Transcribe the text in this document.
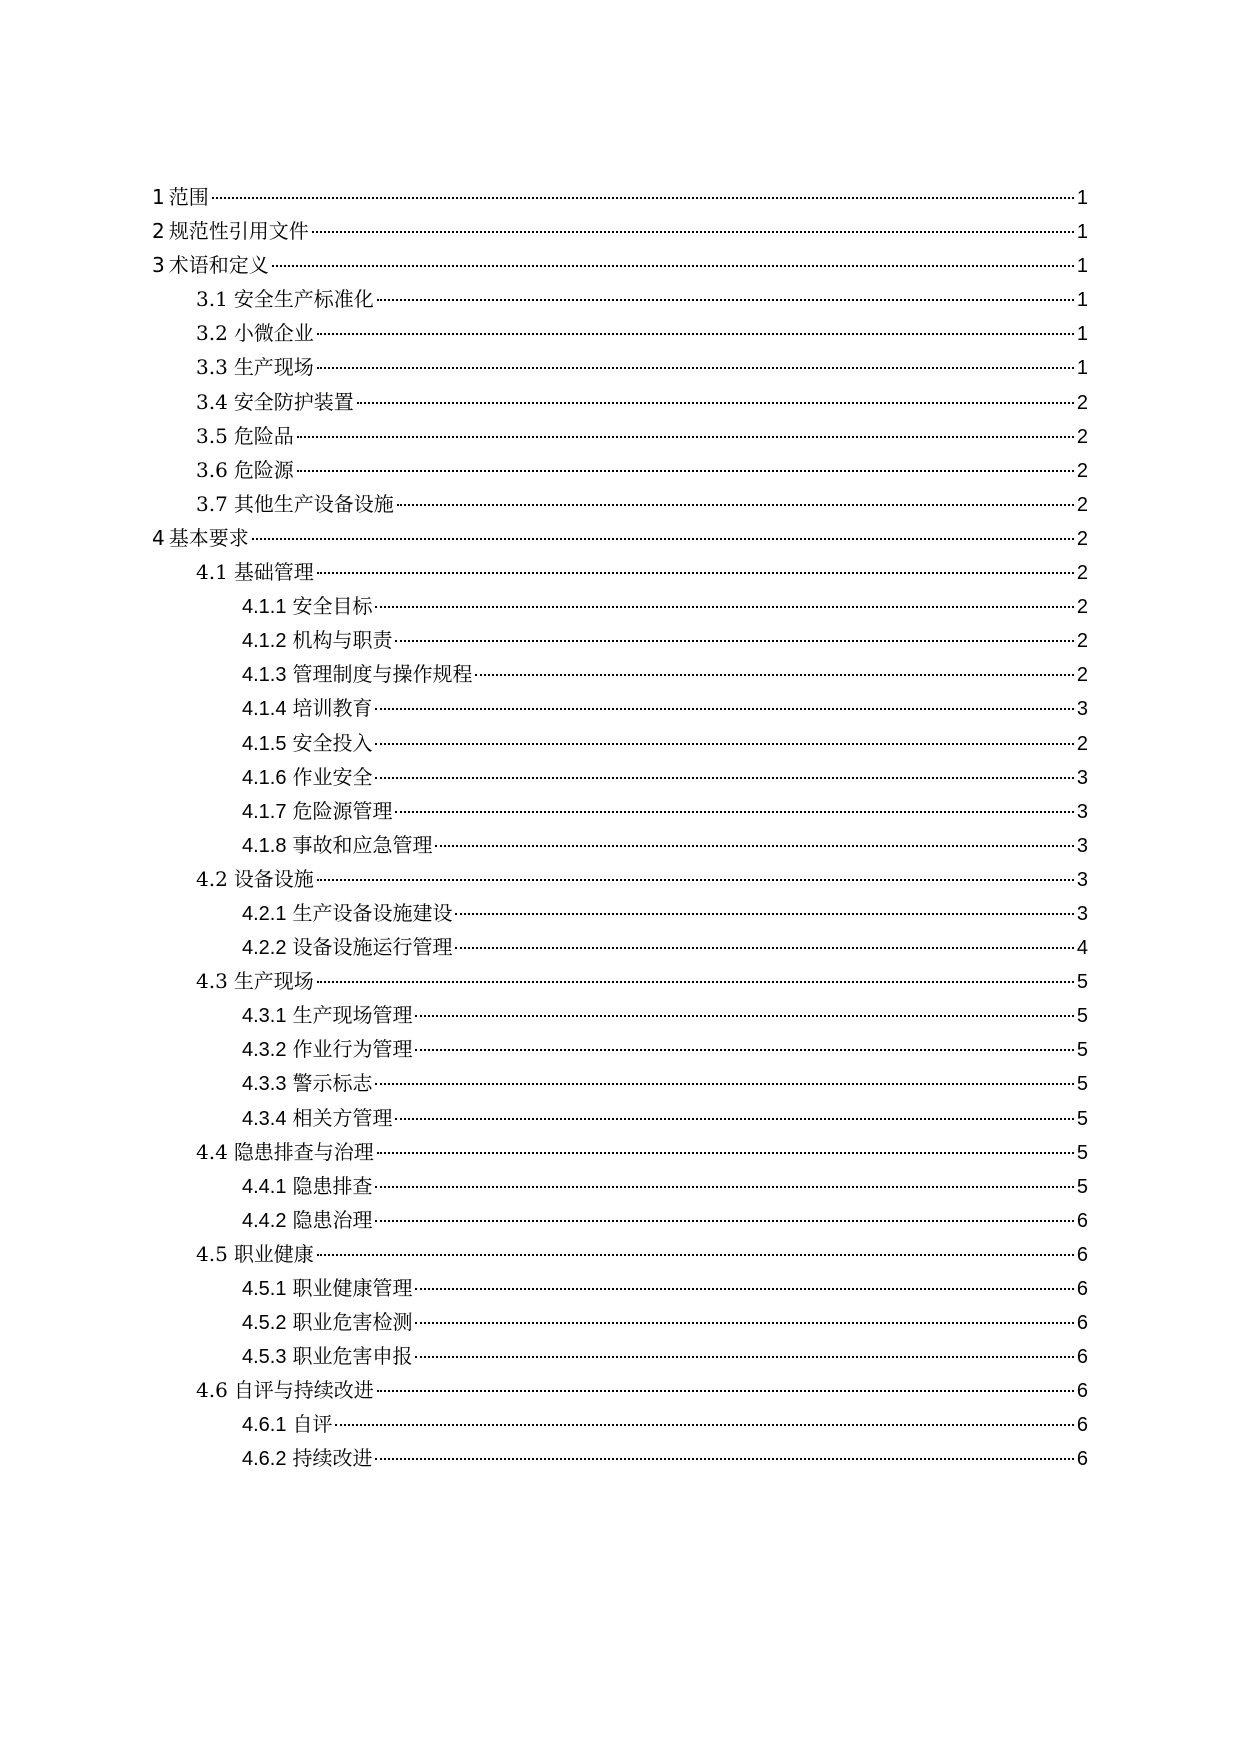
1 范围	1
2 规范性引用文件	1
3 术语和定义	1
3.1 安全生产标准化	1
3.2 小微企业	1
3.3 生产现场	1
3.4 安全防护装置	2
3.5 危险品	2
3.6 危险源	2
3.7 其他生产设备设施	2
4 基本要求	2
4.1 基础管理	2
4.1.1 安全目标	2
4.1.2 机构与职责	2
4.1.3 管理制度与操作规程	2
4.1.4 培训教育	3
4.1.5 安全投入	2
4.1.6 作业安全	3
4.1.7 危险源管理	3
4.1.8 事故和应急管理	3
4.2 设备设施	3
4.2.1 生产设备设施建设	3
4.2.2 设备设施运行管理	4
4.3 生产现场	5
4.3.1 生产现场管理	5
4.3.2 作业行为管理	5
4.3.3 警示标志	5
4.3.4 相关方管理	5
4.4 隐患排查与治理	5
4.4.1 隐患排查	5
4.4.2 隐患治理	6
4.5 职业健康	6
4.5.1 职业健康管理	6
4.5.2 职业危害检测	6
4.5.3 职业危害申报	6
4.6 自评与持续改进	6
4.6.1 自评	6
4.6.2 持续改进	6
